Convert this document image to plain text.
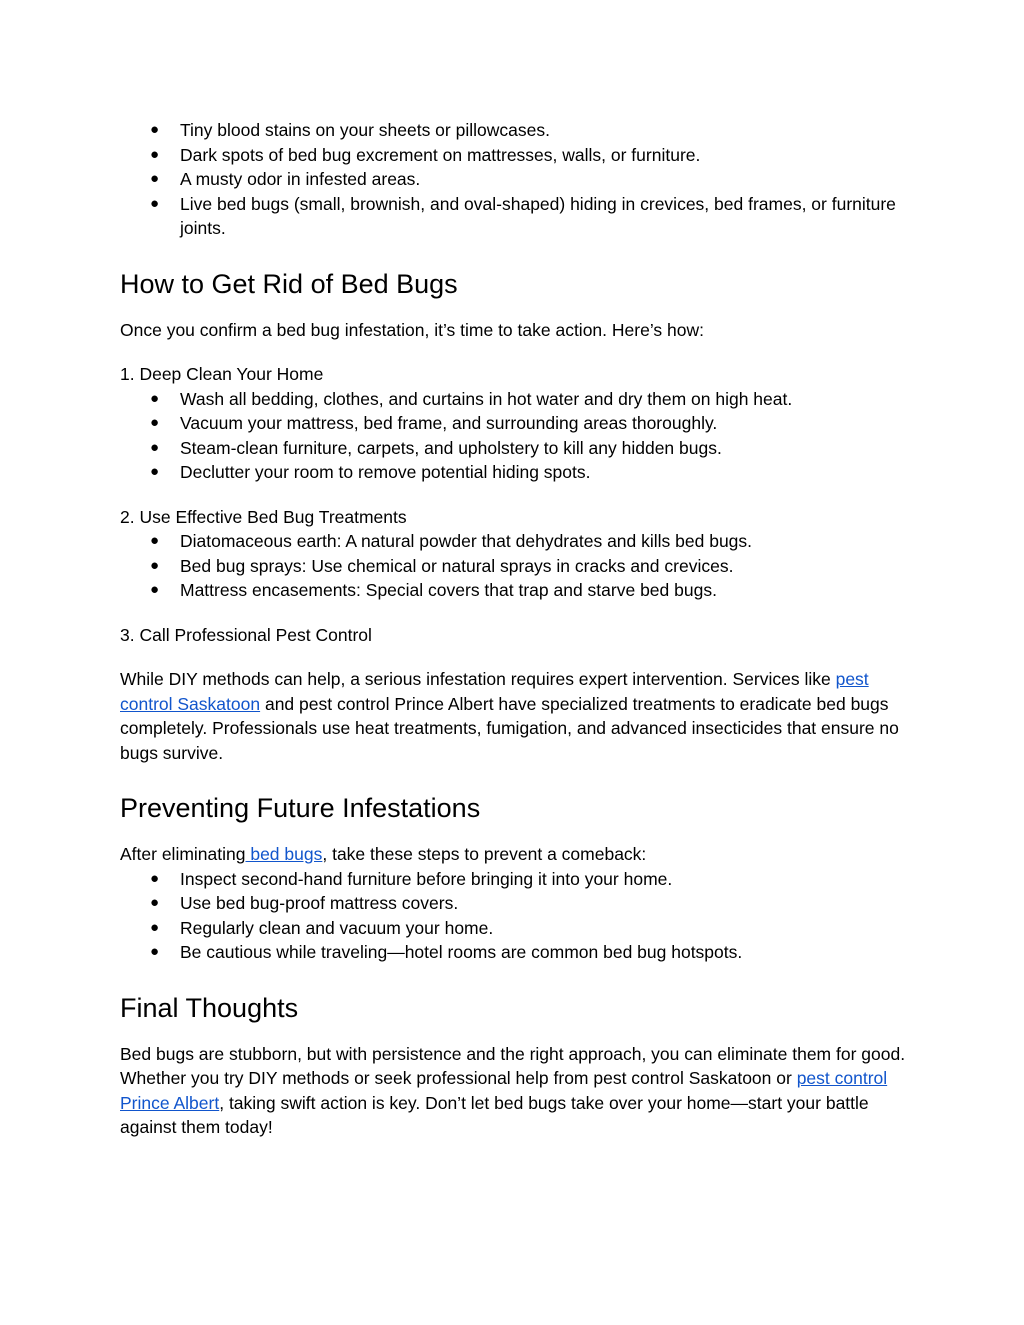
● Tiny blood stains on your sheets or pillowcases.
● Dark spots of bed bug excrement on mattresses, walls, or furniture.
● A musty odor in infested areas.
● Live bed bugs (small, brownish, and oval-shaped) hiding in crevices, bed frames, or furniture joints.
How to Get Rid of Bed Bugs

Once you confirm a bed bug infestation, it’s time to take action. Here’s how:

1. Deep Clean Your Home

● Wash all bedding, clothes, and curtains in hot water and dry them on high heat.
● Vacuum your mattress, bed frame, and surrounding areas thoroughly.
● Steam-clean furniture, carpets, and upholstery to kill any hidden bugs.
● Declutter your room to remove potential hiding spots.

2. Use Effective Bed Bug Treatments

● Diatomaceous earth: A natural powder that dehydrates and kills bed bugs.
● Bed bug sprays: Use chemical or natural sprays in cracks and crevices.
● Mattress encasements: Special covers that trap and starve bed bugs.

3. Call Professional Pest Control

While DIY methods can help, a serious infestation requires expert intervention. Services like pest control Saskatoon and pest control Prince Albert have specialized treatments to eradicate bed bugs completely. Professionals use heat treatments, fumigation, and advanced insecticides that ensure no bugs survive.

Preventing Future Infestations

After eliminating bed bugs, take these steps to prevent a comeback:

● Inspect second-hand furniture before bringing it into your home.
● Use bed bug-proof mattress covers.
● Regularly clean and vacuum your home.
● Be cautious while traveling—hotel rooms are common bed bug hotspots.
Final Thoughts

Bed bugs are stubborn, but with persistence and the right approach, you can eliminate them for good. Whether you try DIY methods or seek professional help from pest control Saskatoon or pest control Prince Albert, taking swift action is key. Don’t let bed bugs take over your home—start your battle against them today!
